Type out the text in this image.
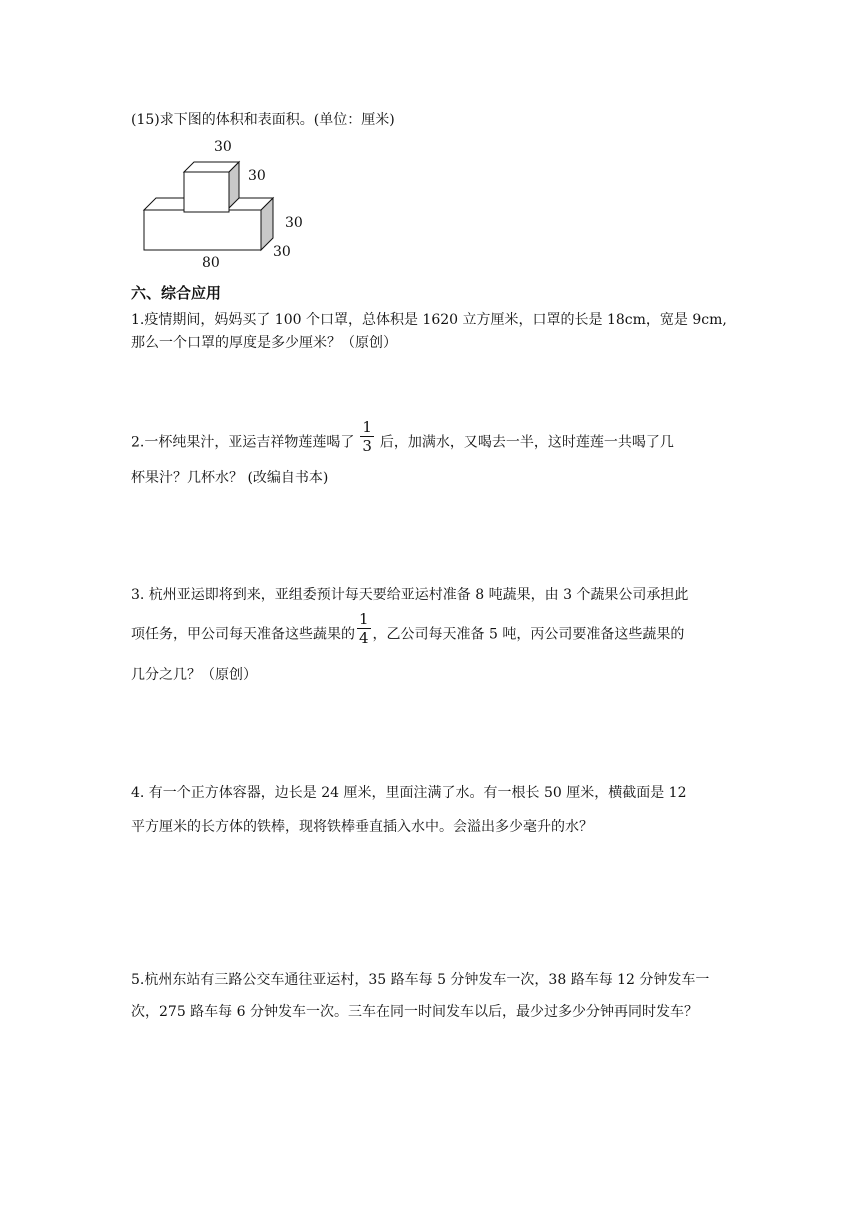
(15)求下图的体积和表面积。(单位：厘米)
30
30
30
30
80
六、综合应用
1.疫情期间，妈妈买了 100 个口罩，总体积是 1620 立方厘米，口罩的长是 18cm，宽是 9cm,
那么一个口罩的厚度是多少厘米？（原创）
2.一杯纯果汁，亚运吉祥物莲莲喝了 $\frac{1}{3}$ 后，加满水，又喝去一半，这时莲莲一共喝了几
杯果汁？几杯水？ (改编自书本)
3. 杭州亚运即将到来，亚组委预计每天要给亚运村准备 8 吨蔬果，由 3 个蔬果公司承担此
项任务，甲公司每天准备这些蔬果的 $\frac{1}{4}$ ，乙公司每天准备 5 吨，丙公司要准备这些蔬果的
几分之几？（原创）
4. 有一个正方体容器，边长是 24 厘米，里面注满了水。有一根长 50 厘米，横截面是 12
平方厘米的长方体的铁棒，现将铁棒垂直插入水中。会溢出多少毫升的水？
5.杭州东站有三路公交车通往亚运村，35 路车每 5 分钟发车一次，38 路车每 12 分钟发车一
次，275 路车每 6 分钟发车一次。三车在同一时间发车以后，最少过多少分钟再同时发车？
